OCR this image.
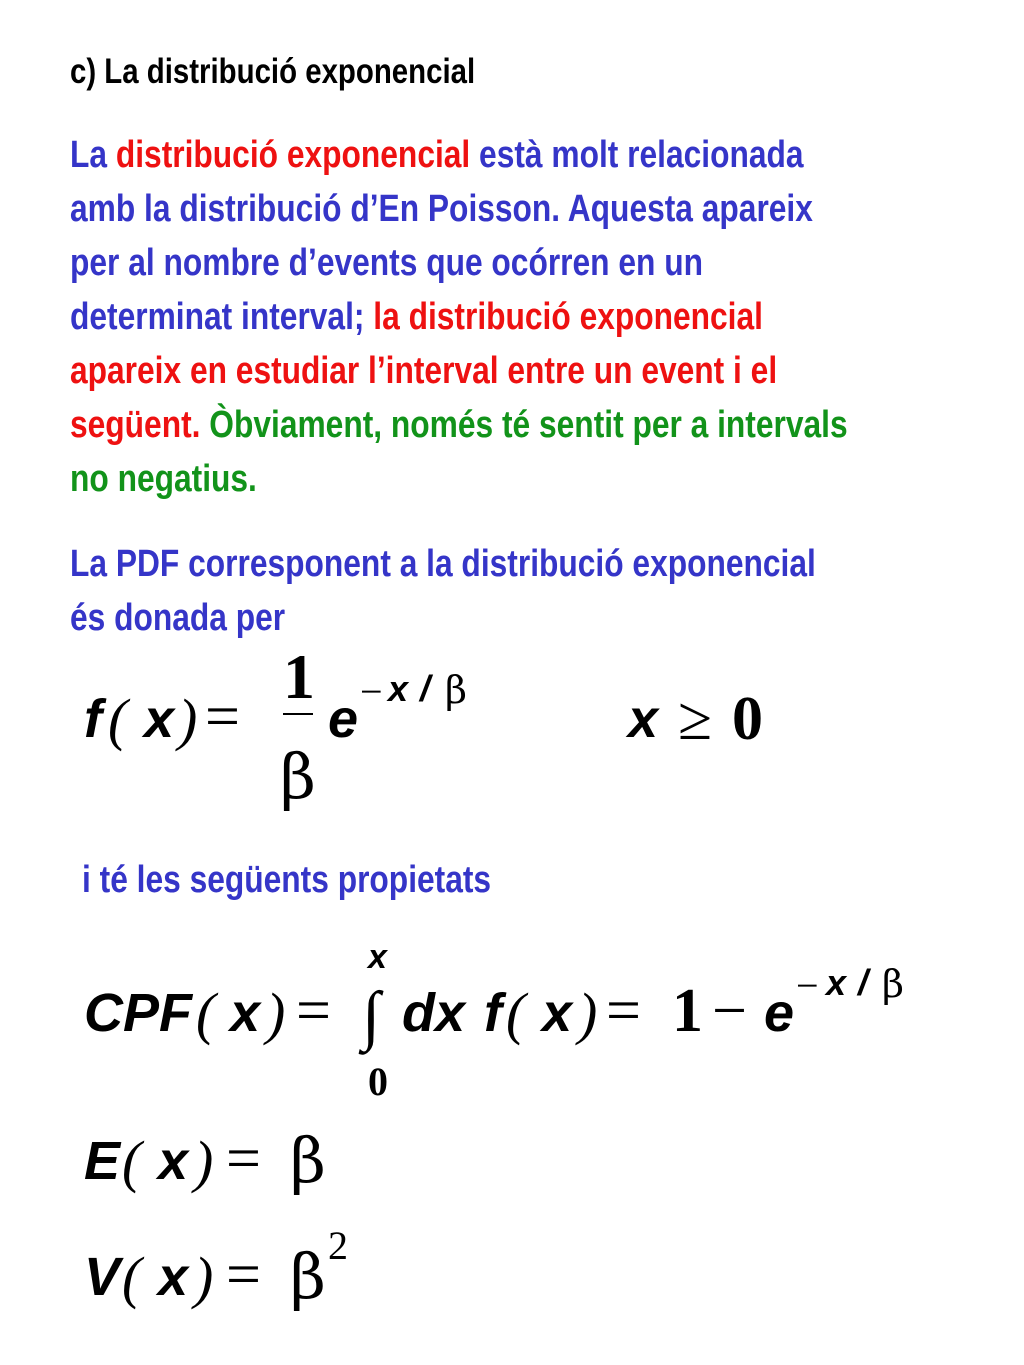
c) La distribució exponencial
La distribució exponencial està molt relacionada
amb la distribució d’En Poisson. Aquesta apareix
per al nombre d’events que ocórren en un
determinat interval; la distribució exponencial
apareix en estudiar l’interval entre un event i el
següent. Òbviament, només té sentit per a intervals
no negatius.
La PDF corresponent a la distribució exponencial
és donada per
f ( x ) =
1
β
e − x / β	x ≥ 0
i té les següents propietats
CPF ( x ) =
x
∫
0
dx f ( x ) = 1 − e − x / β
E ( x ) = β
V ( x ) = β 2
